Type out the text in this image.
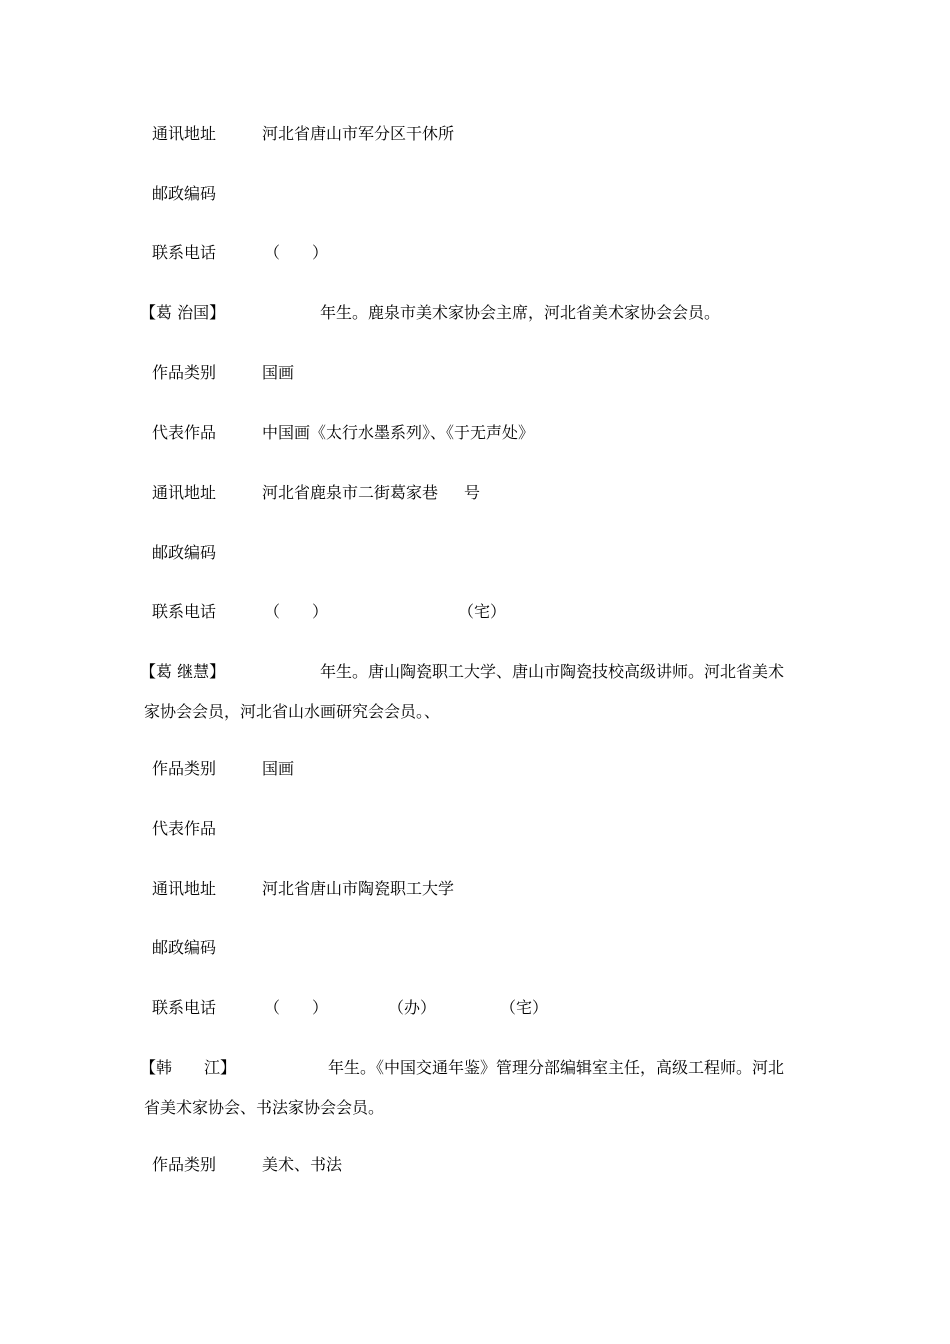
通讯地址	河北省唐山市军分区干休所
邮政编码
联系电话	（　　）
【葛 治国】	年生。鹿泉市美术家协会主席，河北省美术家协会会员。
作品类别	国画
代表作品	中国画《太行水墨系列》、《于无声处》
通讯地址	河北省鹿泉市二街葛家巷 号
邮政编码
联系电话	（　　）	（宅）
【葛 继慧】	年生。唐山陶瓷职工大学、唐山市陶瓷技校高级讲师。河北省美术
家协会会员，河北省山水画研究会会员。、
作品类别	国画
代表作品
通讯地址	河北省唐山市陶瓷职工大学
邮政编码
联系电话	（　　）	（办）	（宅）
【韩　　江】	年生。《中国交通年鉴》管理分部编辑室主任，高级工程师。河北
省美术家协会、书法家协会会员。
作品类别	美术、书法
